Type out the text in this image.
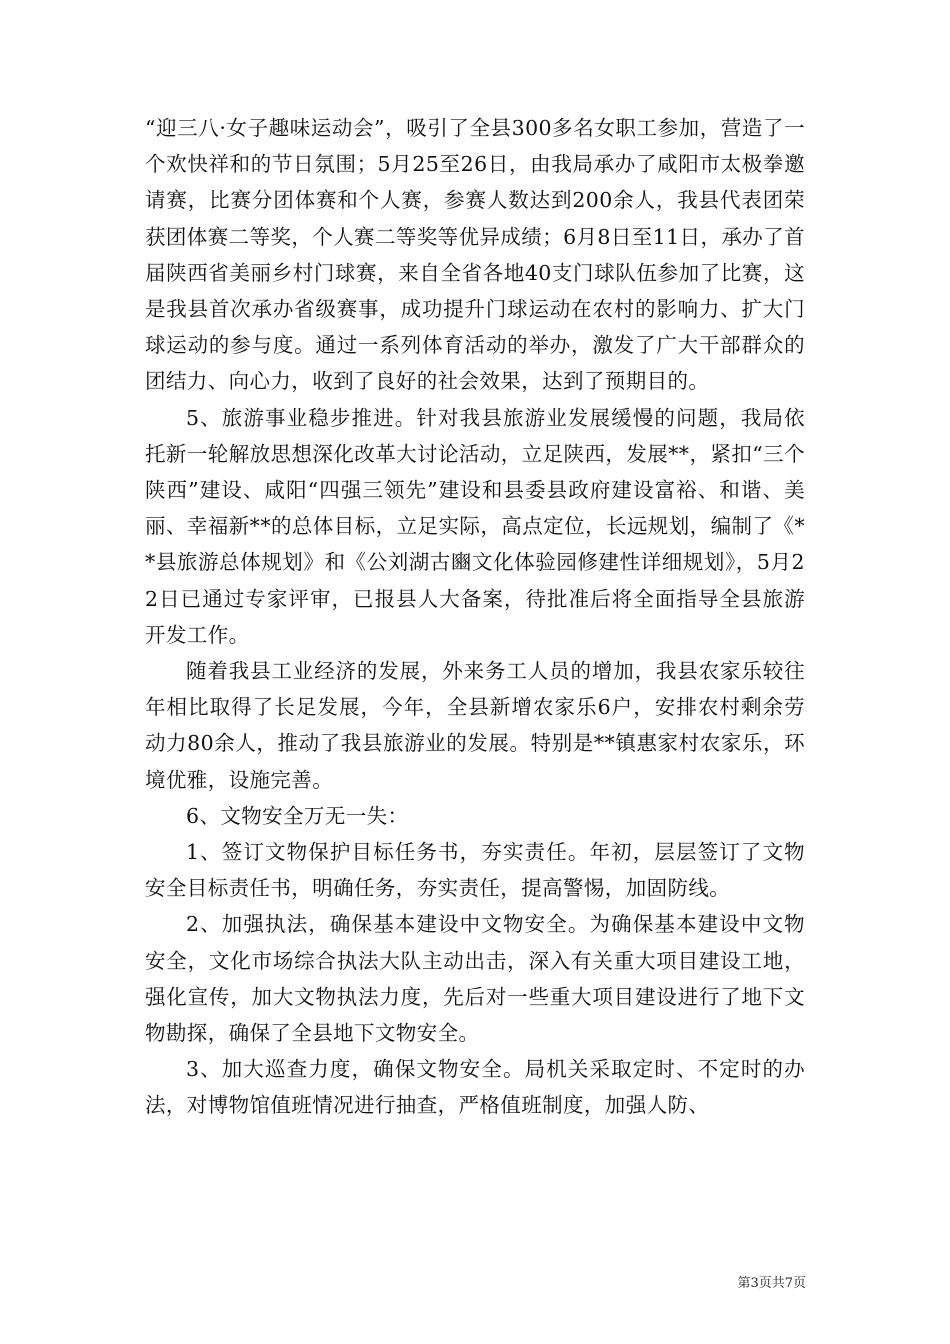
“迎三八·女子趣味运动会”，吸引了全县300多名女职工参加，营造了一个欢快祥和的节日氛围；5月25至26日，由我局承办了咸阳市太极拳邀请赛，比赛分团体赛和个人赛，参赛人数达到200余人，我县代表团荣获团体赛二等奖，个人赛二等奖等优异成绩；6月8日至11日，承办了首届陕西省美丽乡村门球赛，来自全省各地40支门球队伍参加了比赛，这是我县首次承办省级赛事，成功提升门球运动在农村的影响力、扩大门球运动的参与度。通过一系列体育活动的举办，激发了广大干部群众的团结力、向心力，收到了良好的社会效果，达到了预期目的。

5、旅游事业稳步推进。针对我县旅游业发展缓慢的问题，我局依托新一轮解放思想深化改革大讨论活动，立足陕西，发展**，紧扣“三个陕西”建设、咸阳“四强三领先”建设和县委县政府建设富裕、和谐、美丽、幸福新**的总体目标，立足实际，高点定位，长远规划，编制了《**县旅游总体规划》和《公刘湖古豳文化体验园修建性详细规划》，5月22日已通过专家评审，已报县人大备案，待批准后将全面指导全县旅游开发工作。

随着我县工业经济的发展，外来务工人员的增加，我县农家乐较往年相比取得了长足发展，今年，全县新增农家乐6户，安排农村剩余劳动力80余人，推动了我县旅游业的发展。特别是**镇惠家村农家乐，环境优雅，设施完善。

6、文物安全万无一失：

1、签订文物保护目标任务书，夯实责任。年初，层层签订了文物安全目标责任书，明确任务，夯实责任，提高警惕，加固防线。

2、加强执法，确保基本建设中文物安全。为确保基本建设中文物安全，文化市场综合执法大队主动出击，深入有关重大项目建设工地，强化宣传，加大文物执法力度，先后对一些重大项目建设进行了地下文物勘探，确保了全县地下文物安全。

3、加大巡查力度，确保文物安全。局机关采取定时、不定时的办法，对博物馆值班情况进行抽查，严格值班制度，加强人防、

第3页共7页
